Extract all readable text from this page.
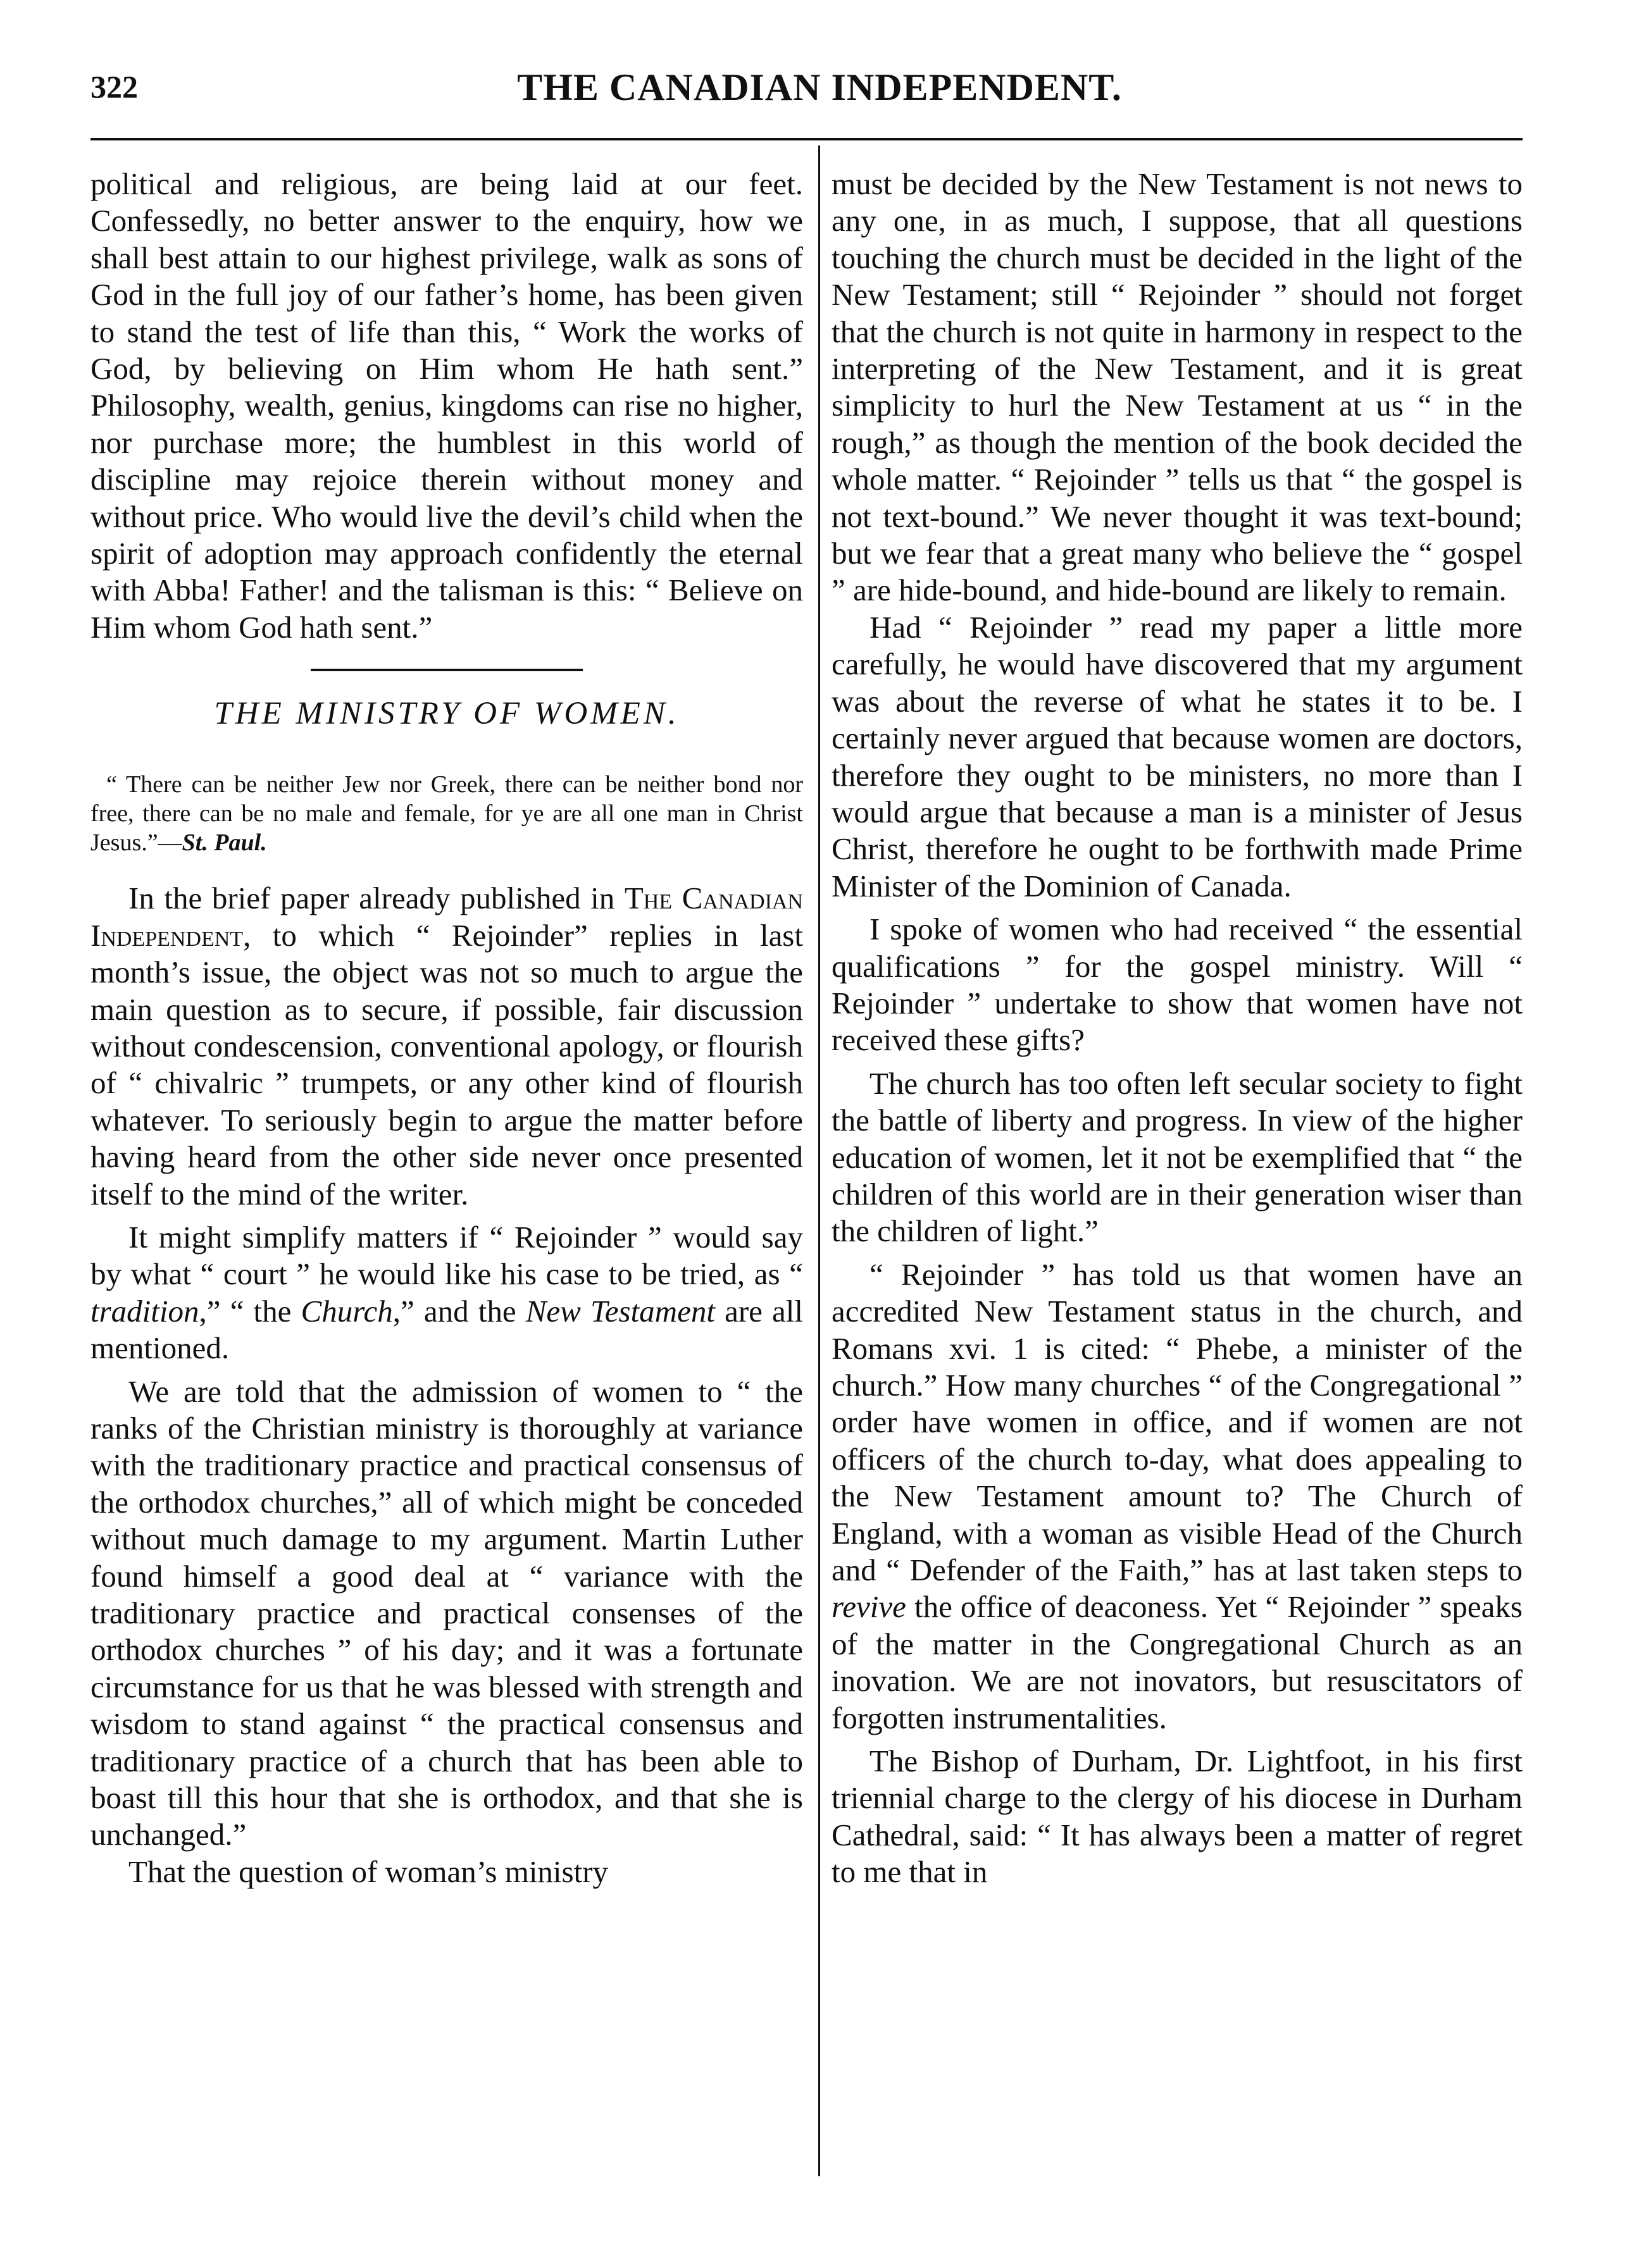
322	THE CANADIAN INDEPENDENT.

political and religious, are being laid at our feet. Confessedly, no better answer to the enquiry, how we shall best attain to our highest privilege, walk as sons of God in the full joy of our father’s home, has been given to stand the test of life than this, “ Work the works of God, by believing on Him whom He hath sent.” Philosophy, wealth, genius, kingdoms can rise no higher, nor purchase more; the humblest in this world of discipline may rejoice therein without money and without price. Who would live the devil’s child when the spirit of adoption may approach confidently the eternal with Abba! Father! and the talisman is this: “ Believe on Him whom God hath sent.”

THE MINISTRY OF WOMEN.

“ There can be neither Jew nor Greek, there can be neither bond nor free, there can be no male and female, for ye are all one man in Christ Jesus.”—St. Paul.

In the brief paper already published in The Canadian Independent, to which “ Rejoinder” replies in last month’s issue, the object was not so much to argue the main question as to secure, if possible, fair discussion without condescension, conventional apology, or flourish of “ chivalric ” trumpets, or any other kind of flourish whatever. To seriously begin to argue the matter before having heard from the other side never once presented itself to the mind of the writer.

It might simplify matters if “ Rejoinder ” would say by what “ court ” he would like his case to be tried, as “ tradition,” “ the Church,” and the New Testament are all mentioned.

We are told that the admission of women to “ the ranks of the Christian ministry is thoroughly at variance with the traditionary practice and practical consensus of the orthodox churches,” all of which might be conceded without much damage to my argument. Martin Luther found himself a good deal at “ variance with the traditionary practice and practical consenses of the orthodox churches ” of his day; and it was a fortunate circumstance for us that he was blessed with strength and wisdom to stand against “ the practical consensus and traditionary practice of a church that has been able to boast till this hour that she is orthodox, and that she is unchanged.”

That the question of woman’s ministry

must be decided by the New Testament is not news to any one, in as much, I suppose, that all questions touching the church must be decided in the light of the New Testament; still “ Rejoinder ” should not forget that the church is not quite in harmony in respect to the interpreting of the New Testament, and it is great simplicity to hurl the New Testament at us “ in the rough,” as though the mention of the book decided the whole matter. “ Rejoinder ” tells us that “ the gospel is not text-bound.” We never thought it was text-bound; but we fear that a great many who believe the “ gospel ” are hide-bound, and hide-bound are likely to remain.

Had “ Rejoinder ” read my paper a little more carefully, he would have discovered that my argument was about the reverse of what he states it to be. I certainly never argued that because women are doctors, therefore they ought to be ministers, no more than I would argue that because a man is a minister of Jesus Christ, therefore he ought to be forthwith made Prime Minister of the Dominion of Canada.

I spoke of women who had received “ the essential qualifications ” for the gospel ministry. Will “ Rejoinder ” undertake to show that women have not received these gifts?

The church has too often left secular society to fight the battle of liberty and progress. In view of the higher education of women, let it not be exemplified that “ the children of this world are in their generation wiser than the children of light.”

“ Rejoinder ” has told us that women have an accredited New Testament status in the church, and Romans xvi. 1 is cited: “ Phebe, a minister of the church.” How many churches “ of the Congregational ” order have women in office, and if women are not officers of the church to-day, what does appealing to the New Testament amount to? The Church of England, with a woman as visible Head of the Church and “ Defender of the Faith,” has at last taken steps to revive the office of deaconess. Yet “ Rejoinder ” speaks of the matter in the Congregational Church as an inovation. We are not inovators, but resuscitators of forgotten instrumentalities.

The Bishop of Durham, Dr. Lightfoot, in his first triennial charge to the clergy of his diocese in Durham Cathedral, said: “ It has always been a matter of regret to me that in
